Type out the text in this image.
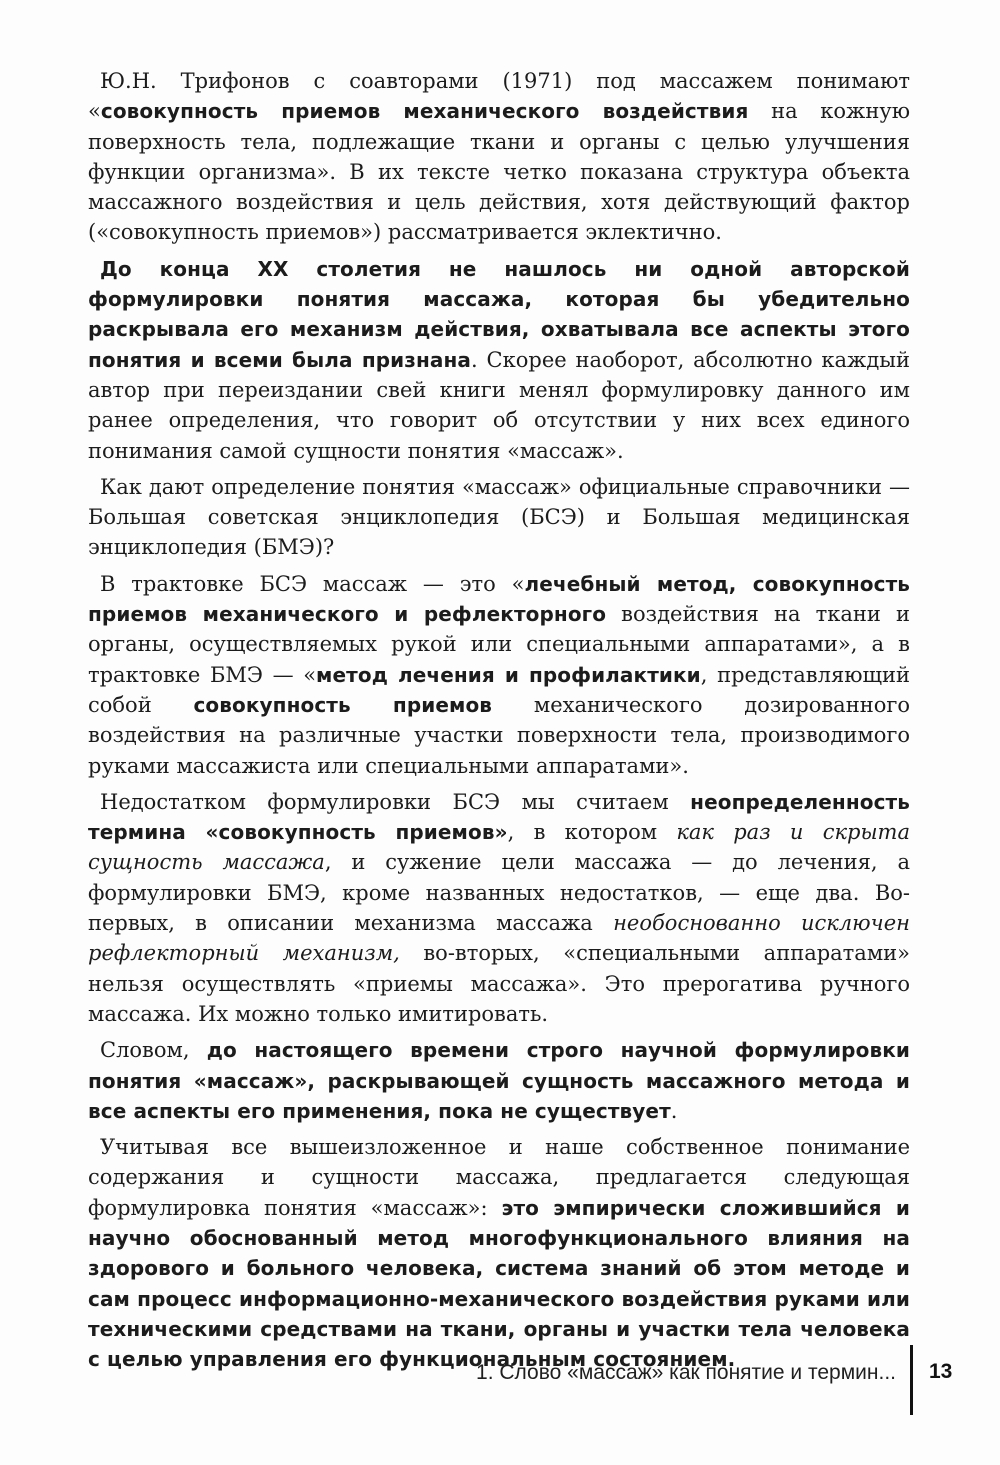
Ю.Н. Трифонов с соавторами (1971) под массажем понимают «совокупность приемов механического воздействия на кожную поверхность тела, подлежащие ткани и органы с целью улучшения функции организма». В их тексте четко показана структура объекта массажного воздействия и цель действия, хотя действующий фактор («совокупность приемов») рассматривается эклектично.

До конца XX столетия не нашлось ни одной авторской формулировки понятия массажа, которая бы убедительно раскрывала его механизм действия, охватывала все аспекты этого понятия и всеми была признана. Скорее наоборот, абсолютно каждый автор при переиздании свей книги менял формулировку данного им ранее определения, что говорит об отсутствии у них всех единого понимания самой сущности понятия «массаж».

Как дают определение понятия «массаж» официальные справочники — Большая советская энциклопедия (БСЭ) и Большая медицинская энциклопедия (БМЭ)?

В трактовке БСЭ массаж — это «лечебный метод, совокупность приемов механического и рефлекторного воздействия на ткани и органы, осуществляемых рукой или специальными аппаратами», а в трактовке БМЭ — «метод лечения и профилактики, представляющий собой совокупность приемов механического дозированного воздействия на различные участки поверхности тела, производимого руками массажиста или специальными аппаратами».

Недостатком формулировки БСЭ мы считаем неопределенность термина «совокупность приемов», в котором как раз и скрыта сущность массажа, и сужение цели массажа — до лечения, а формулировки БМЭ, кроме названных недостатков, — еще два. Во-первых, в описании механизма массажа необоснованно исключен рефлекторный механизм, во-вторых, «специальными аппаратами» нельзя осуществлять «приемы массажа». Это прерогатива ручного массажа. Их можно только имитировать.

Словом, до настоящего времени строго научной формулировки понятия «массаж», раскрывающей сущность массажного метода и все аспекты его применения, пока не существует.

Учитывая все вышеизложенное и наше собственное понимание содержания и сущности массажа, предлагается следующая формулировка понятия «массаж»: это эмпирически сложившийся и научно обоснованный метод многофункционального влияния на здорового и больного человека, система знаний об этом методе и сам процесс информационно-механического воздействия руками или техническими средствами на ткани, органы и участки тела человека с целью управления его функциональным состоянием.

1. Слово «массаж» как понятие и термин... 13
